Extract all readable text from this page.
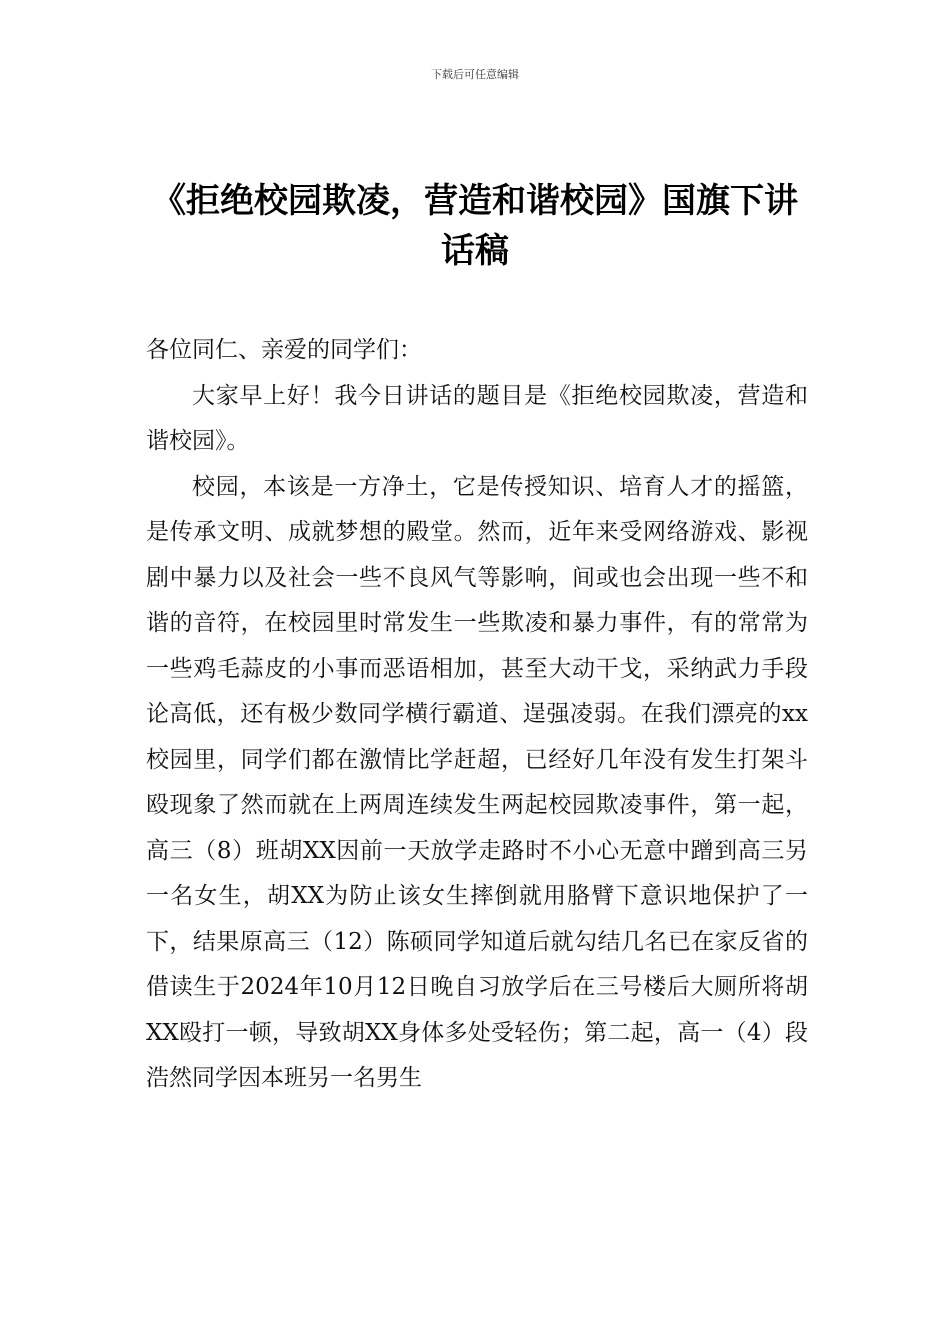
下载后可任意编辑
《拒绝校园欺凌，营造和谐校园》国旗下讲话稿

各位同仁、亲爱的同学们：

大家早上好！我今日讲话的题目是《拒绝校园欺凌，营造和谐校园》。

校园，本该是一方净土，它是传授知识、培育人才的摇篮，是传承文明、成就梦想的殿堂。然而，近年来受网络游戏、影视剧中暴力以及社会一些不良风气等影响，间或也会出现一些不和谐的音符，在校园里时常发生一些欺凌和暴力事件，有的常常为一些鸡毛蒜皮的小事而恶语相加，甚至大动干戈，采纳武力手段论高低，还有极少数同学横行霸道、逞强凌弱。在我们漂亮的xx校园里，同学们都在激情比学赶超，已经好几年没有发生打架斗殴现象了然而就在上两周连续发生两起校园欺凌事件，第一起，高三（8）班胡XX因前一天放学走路时不小心无意中蹭到高三另一名女生，胡XX为防止该女生摔倒就用胳臂下意识地保护了一下，结果原高三（12）陈硕同学知道后就勾结几名已在家反省的借读生于2024年10月12日晚自习放学后在三号楼后大厕所将胡XX殴打一顿，导致胡XX身体多处受轻伤；第二起，高一（4）段浩然同学因本班另一名男生
